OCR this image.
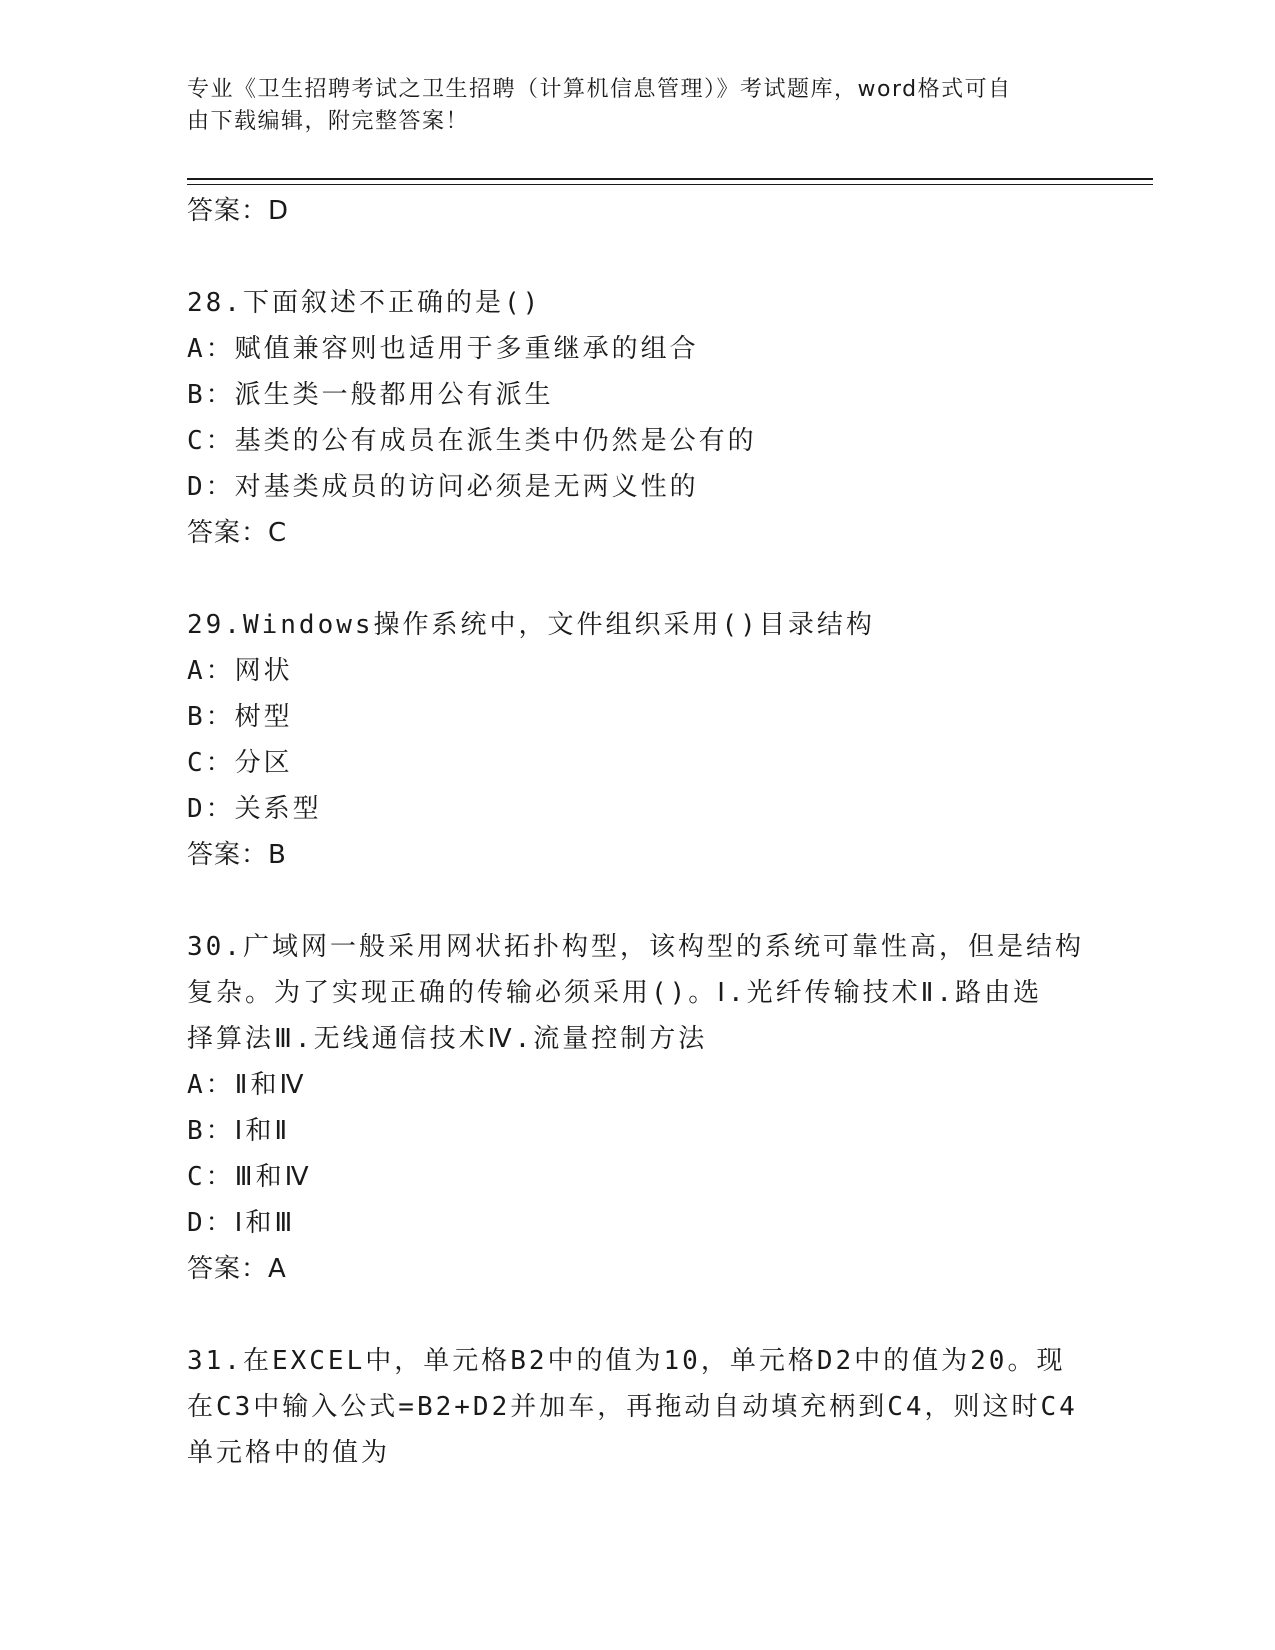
专业《卫生招聘考试之卫生招聘（计算机信息管理）》考试题库，word格式可自
由下载编辑，附完整答案！
答案：D
28.下面叙述不正确的是()
A：赋值兼容则也适用于多重继承的组合
B：派生类一般都用公有派生
C：基类的公有成员在派生类中仍然是公有的
D：对基类成员的访问必须是无两义性的
答案：C
29.Windows操作系统中，文件组织采用()目录结构
A：网状
B：树型
C：分区
D：关系型
答案：B
30.广域网一般采用网状拓扑构型，该构型的系统可靠性高，但是结构
复杂。为了实现正确的传输必须采用()。Ⅰ.光纤传输技术Ⅱ.路由选
择算法Ⅲ.无线通信技术Ⅳ.流量控制方法
A：Ⅱ和Ⅳ
B：Ⅰ和Ⅱ
C：Ⅲ和Ⅳ
D：Ⅰ和Ⅲ
答案：A
31.在EXCEL中，单元格B2中的值为10，单元格D2中的值为20。现
在C3中输入公式=B2+D2并加车，再拖动自动填充柄到C4，则这时C4
单元格中的值为
